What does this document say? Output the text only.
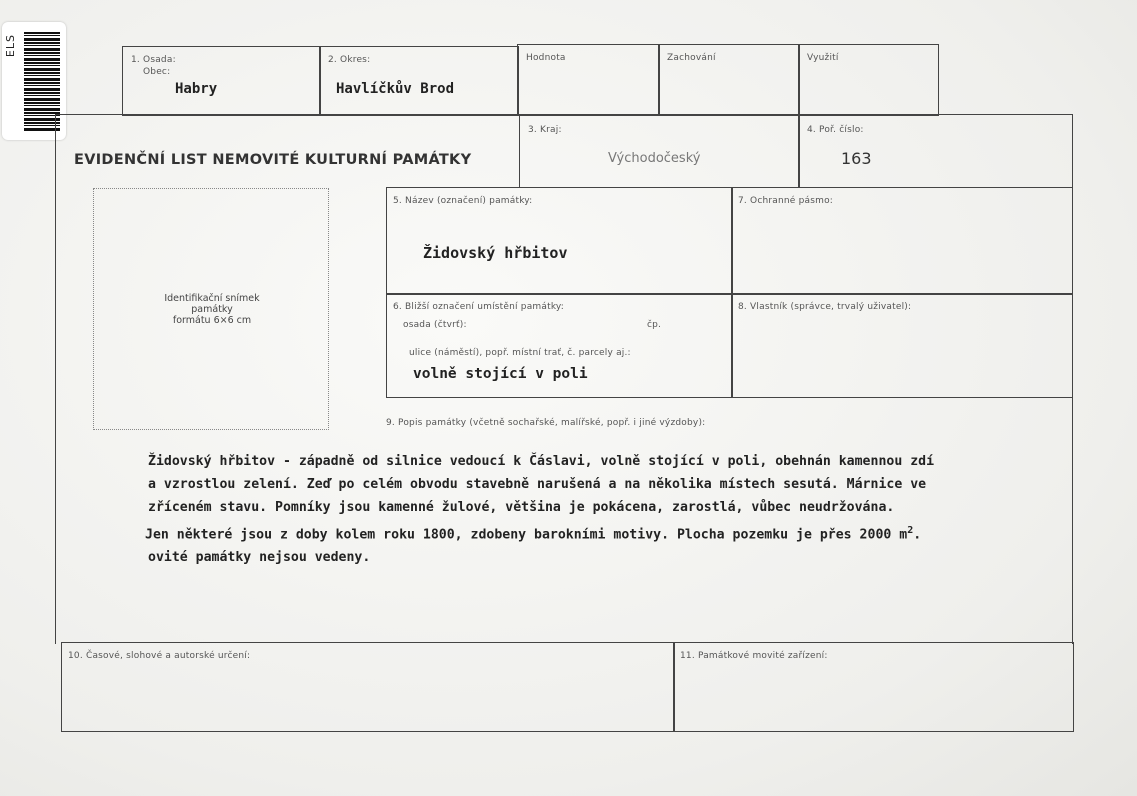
ELS
1. Osada:
Obec:
Habry
2. Okres:
Havlíčkův Brod
Hodnota	Zachování	Využití
EVIDENČNÍ LIST NEMOVITÉ KULTURNÍ PAMÁTKY
3. Kraj:
Východočeský
4. Poř. číslo:
163
Identifikační snímek
památky
formátu 6×6 cm
5. Název (označení) památky:
Židovský hřbitov
7. Ochranné pásmo:
6. Bližší označení umístění památky:
osada (čtvrť):	čp.
ulice (náměstí), popř. místní trať, č. parcely aj.:
volně stojící v poli
8. Vlastník (správce, trvalý uživatel):
9. Popis památky (včetně sochařské, malířské, popř. i jiné výzdoby):
Židovský hřbitov - západně od silnice vedoucí k Čáslavi, volně stojící v poli, obehnán kamennou zdí
a vzrostlou zelení. Zeď po celém obvodu stavebně narušená a na několika místech sesutá. Márnice ve
zříceném stavu. Pomníky jsou kamenné žulové, většina je pokácena, zarostlá, vůbec neudržována.
Jen některé jsou z doby kolem roku 1800, zdobeny barokními motivy. Plocha pozemku je přes 2000 $m^2$.
ovité památky nejsou vedeny.
10. Časové, slohové a autorské určení:	11. Památkové movité zařízení:
